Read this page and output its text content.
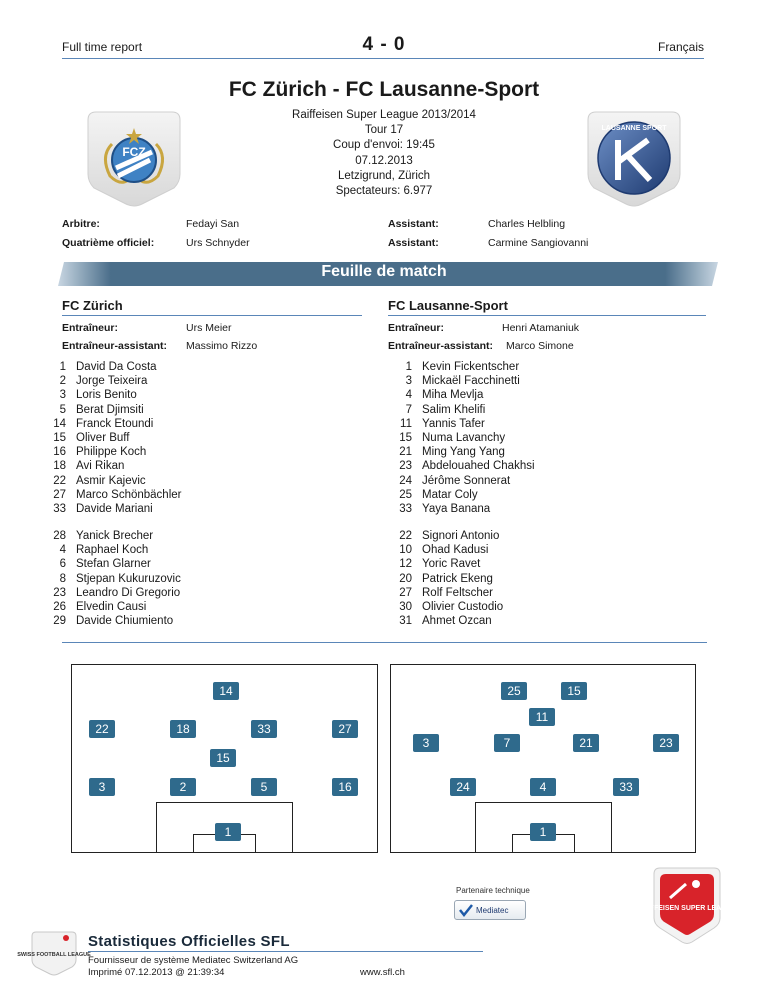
Full time report	4 - 0	Français
FC Zürich - FC Lausanne-Sport
Raiffeisen Super League 2013/2014
Tour 17
Coup d'envoi: 19:45
07.12.2013
Letzigrund, Zürich
Spectateurs: 6.977
FCZ
LAUSANNE SPORT
Arbitre:	Fedayi San	Assistant:	Charles Helbling
Quatrième officiel:	Urs Schnyder	Assistant:	Carmine Sangiovanni
Feuille de match
FC Zürich	FC Lausanne-Sport
Entraîneur:	Urs Meier
Entraîneur-assistant: Massimo Rizzo
Entraîneur:	Henri Atamaniuk
Entraîneur-assistant: Marco Simone
1 David Da Costa
2 Jorge Teixeira
3 Loris Benito
5 Berat Djimsiti
14 Franck Etoundi
15 Oliver Buff
16 Philippe Koch
18 Avi Rikan
22 Asmir Kajevic
27 Marco Schönbächler
33 Davide Mariani
28 Yanick Brecher
4 Raphael Koch
6 Stefan Glarner
8 Stjepan Kukuruzovic
23 Leandro Di Gregorio
26 Elvedin Causi
29 Davide Chiumiento
1 Kevin Fickentscher
3 Mickaël Facchinetti
4 Miha Mevlja
7 Salim Khelifi
11 Yannis Tafer
15 Numa Lavanchy
21 Ming Yang Yang
23 Abdelouahed Chakhsi
24 Jérôme Sonnerat
25 Matar Coly
33 Yaya Banana
22 Signori Antonio
10 Ohad Kadusi
12 Yoric Ravet
20 Patrick Ekeng
27 Rolf Feltscher
30 Olivier Custodio
31 Ahmet Ozcan
14
22	18	33	27
15
3	2	5	16
1
25	15
11
3	7	21	23
24	4	33
1
Partenaire technique
Mediatec
SWISS FOOTBALL LEAGUE
Statistiques Officielles SFL
Fournisseur de système Mediatec Switzerland AG
Imprimé 07.12.2013 @ 21:39:34	www.sfl.ch
RAIFFEISEN SUPER LEAGUE
